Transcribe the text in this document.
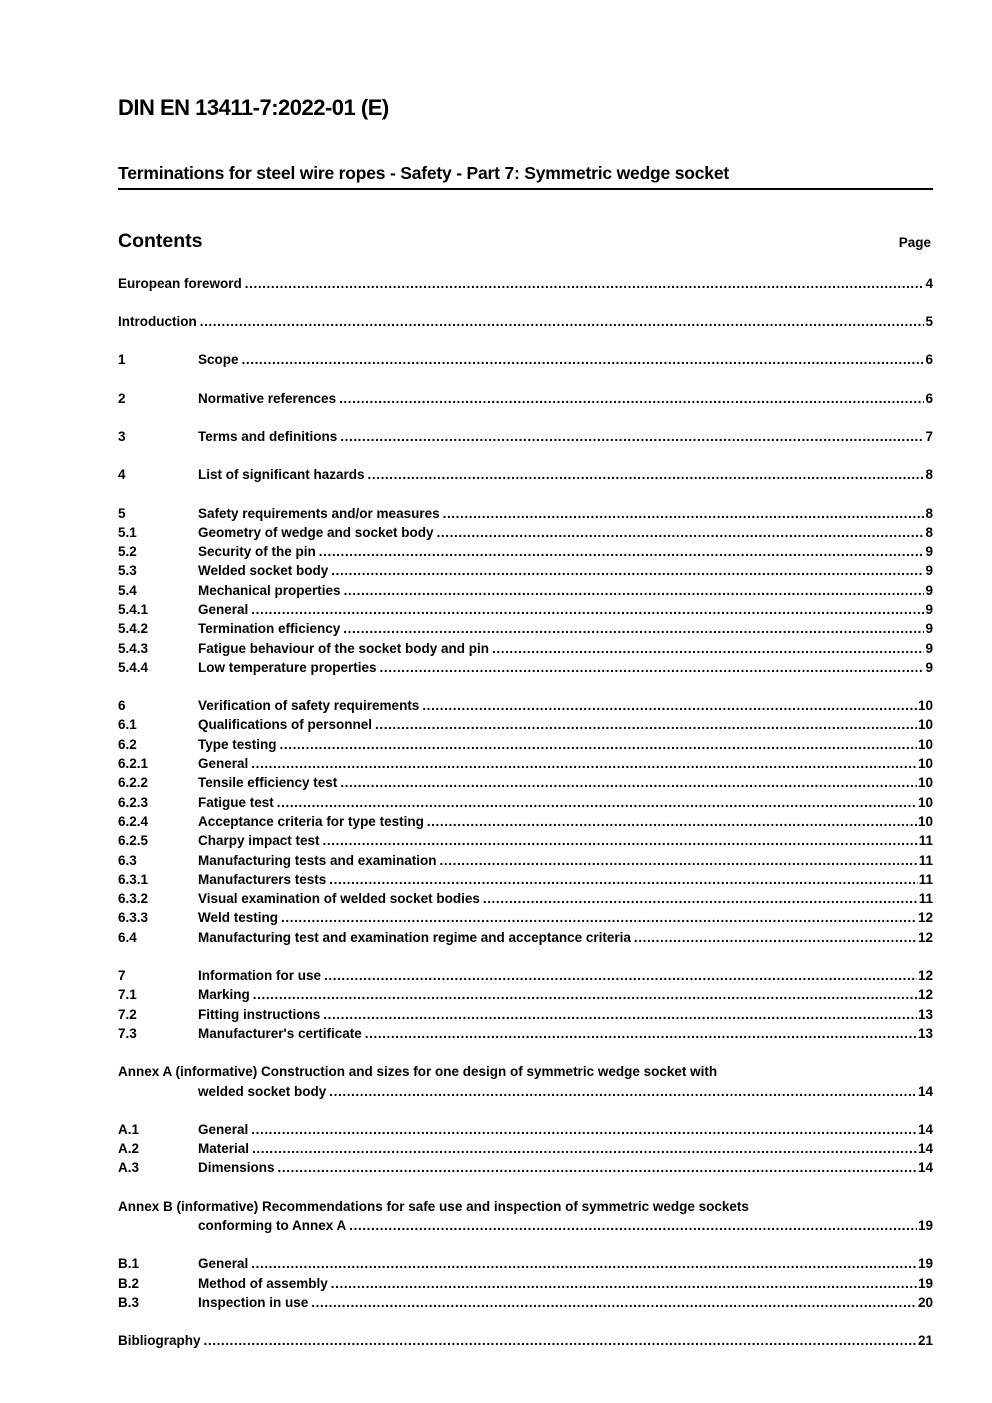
DIN EN 13411-7:2022-01 (E)
Terminations for steel wire ropes - Safety - Part 7: Symmetric wedge socket
Contents	Page
European foreword .....	4
Introduction .....	5
1	Scope .....	6
2	Normative references .....	6
3	Terms and definitions .....	7
4	List of significant hazards .....	8
5	Safety requirements and/or measures .....	8
5.1	Geometry of wedge and socket body .....	8
5.2	Security of the pin .....	9
5.3	Welded socket body .....	9
5.4	Mechanical properties .....	9
5.4.1	General .....	9
5.4.2	Termination efficiency .....	9
5.4.3	Fatigue behaviour of the socket body and pin .....	9
5.4.4	Low temperature properties .....	9
6	Verification of safety requirements .....	10
6.1	Qualifications of personnel .....	10
6.2	Type testing .....	10
6.2.1	General .....	10
6.2.2	Tensile efficiency test .....	10
6.2.3	Fatigue test .....	10
6.2.4	Acceptance criteria for type testing .....	10
6.2.5	Charpy impact test .....	11
6.3	Manufacturing tests and examination .....	11
6.3.1	Manufacturers tests .....	11
6.3.2	Visual examination of welded socket bodies .....	11
6.3.3	Weld testing .....	12
6.4	Manufacturing test and examination regime and acceptance criteria .....	12
7	Information for use .....	12
7.1	Marking .....	12
7.2	Fitting instructions .....	13
7.3	Manufacturer's certificate .....	13
Annex A (informative) Construction and sizes for one design of symmetric wedge socket with
welded socket body .....	14
A.1	General .....	14
A.2	Material .....	14
A.3	Dimensions .....	14
Annex B (informative) Recommendations for safe use and inspection of symmetric wedge sockets
conforming to Annex A .....	19
B.1	General .....	19
B.2	Method of assembly .....	19
B.3	Inspection in use .....	20
Bibliography .....	21
